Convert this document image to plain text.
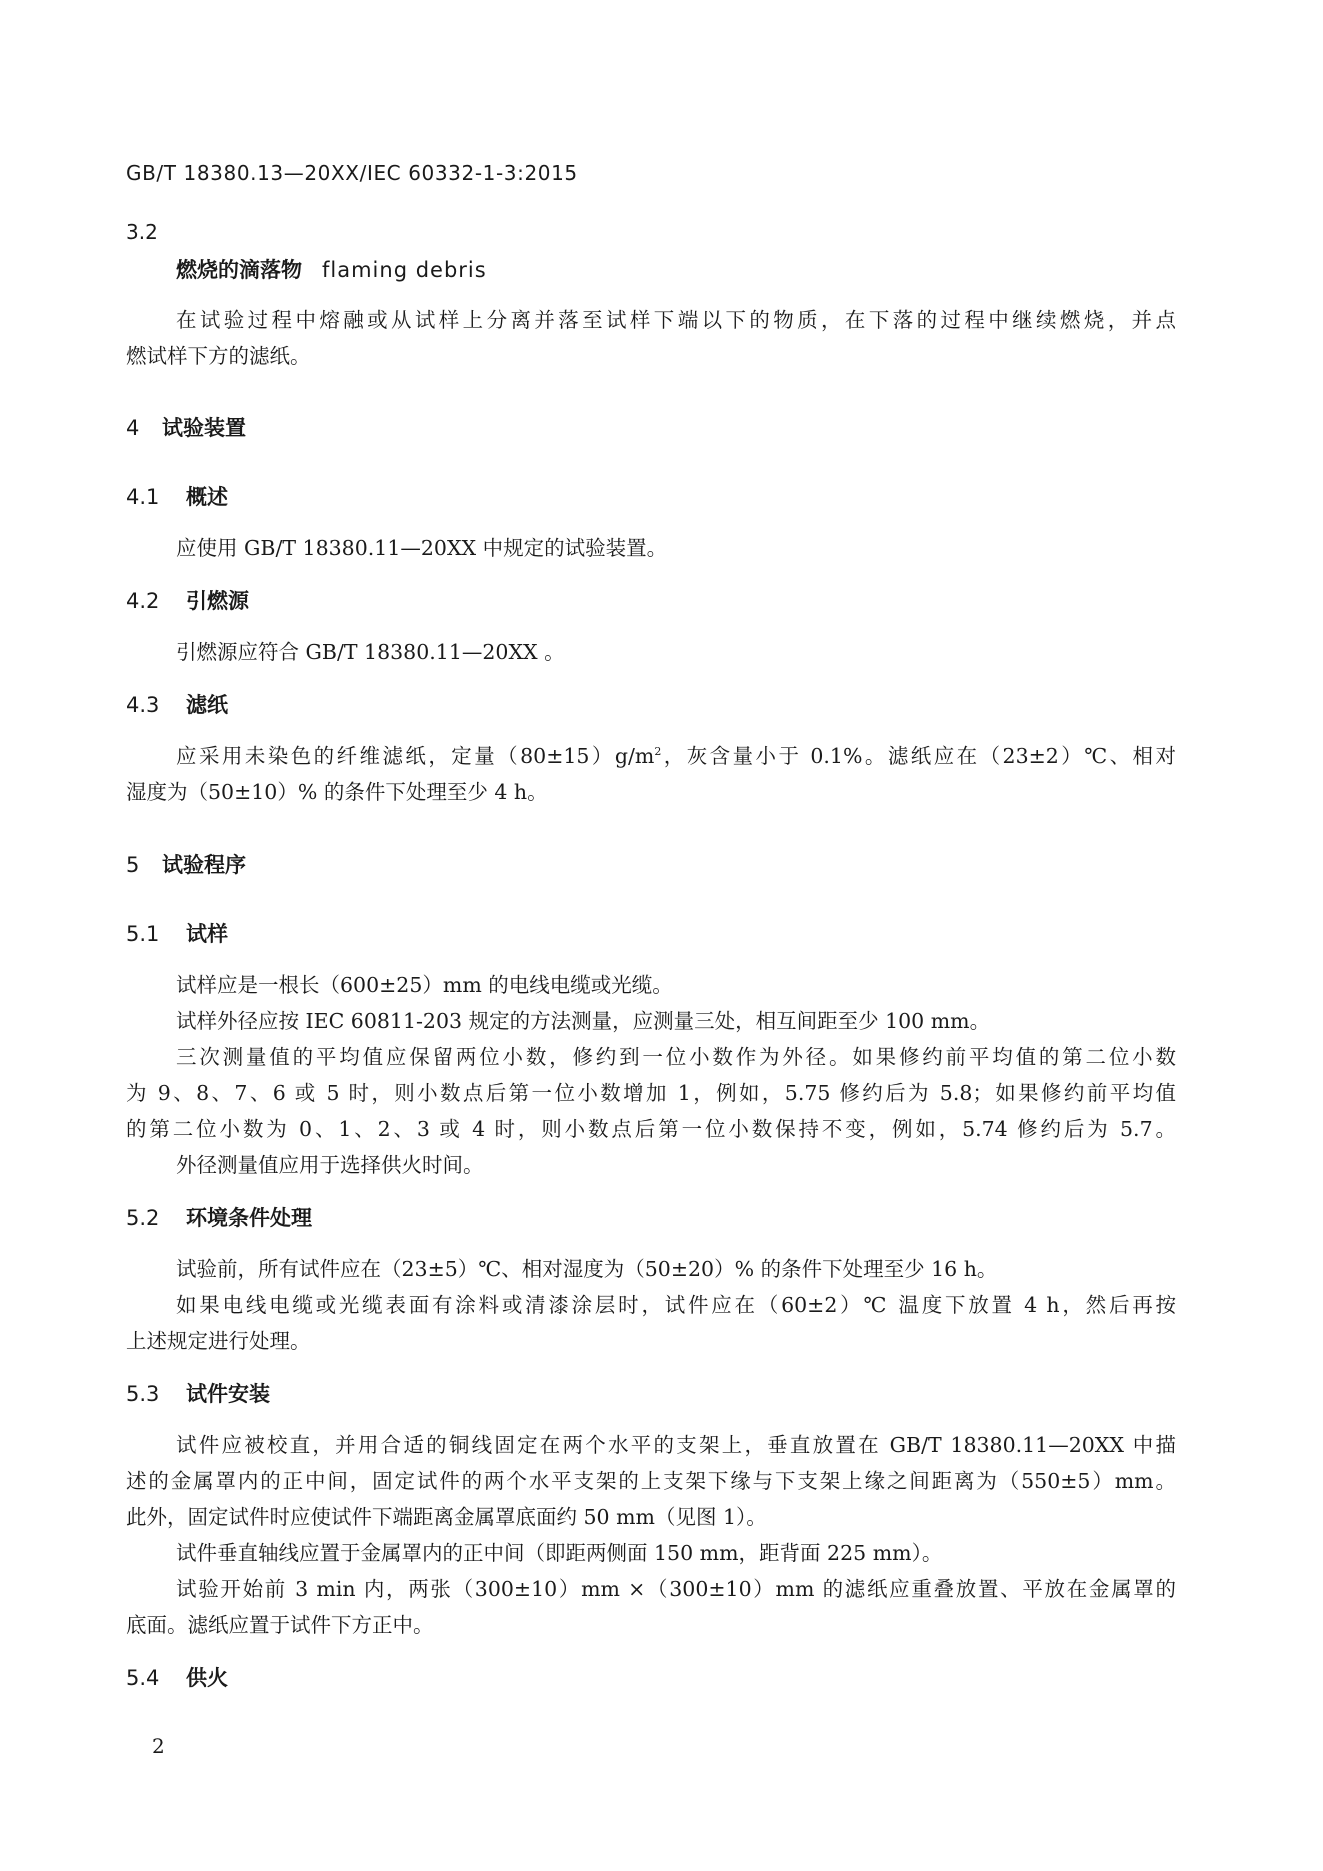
GB/T 18380.13—20XX/IEC 60332-1-3:2015
3.2
燃烧的滴落物 flaming debris
在试验过程中熔融或从试样上分离并落至试样下端以下的物质，在下落的过程中继续燃烧，并点
燃试样下方的滤纸。
4 试验装置
4.1 概述
应使用 GB/T 18380.11—20XX 中规定的试验装置。
4.2 引燃源
引燃源应符合 GB/T 18380.11—20XX 。
4.3 滤纸
应采用未染色的纤维滤纸，定量$(80\pm 15)g/m^2$，灰含量小于 0.1%。滤纸应在（23±2）℃、相对
湿度为（50±10）% 的条件下处理至少 4 h。
5 试验程序
5.1 试样
试样应是一根长（600±25）mm 的电线电缆或光缆。
试样外径应按 IEC 60811-203 规定的方法测量，应测量三处，相互间距至少 100 mm。
三次测量值的平均值应保留两位小数，修约到一位小数作为外径。如果修约前平均值的第二位小数
为 9、8、7、6 或 5 时，则小数点后第一位小数增加 1，例如，5.75 修约后为 5.8；如果修约前平均值
的第二位小数为 0、1、2、3 或 4 时，则小数点后第一位小数保持不变，例如，5.74 修约后为 5.7。
外径测量值应用于选择供火时间。
5.2 环境条件处理
试验前，所有试件应在（23±5）℃、相对湿度为（50±20）% 的条件下处理至少 16 h。
如果电线电缆或光缆表面有涂料或清漆涂层时，试件应在（60±2）℃ 温度下放置 4 h，然后再按
上述规定进行处理。
5.3 试件安装
试件应被校直，并用合适的铜线固定在两个水平的支架上，垂直放置在 GB/T 18380.11—20XX 中描
述的金属罩内的正中间，固定试件的两个水平支架的上支架下缘与下支架上缘之间距离为（550±5）mm。
此外，固定试件时应使试件下端距离金属罩底面约 50 mm（见图 1）。
试件垂直轴线应置于金属罩内的正中间（即距两侧面 150 mm，距背面 225 mm）。
试验开始前 3 min 内，两张（300±10）mm ×（300±10）mm 的滤纸应重叠放置、平放在金属罩的
底面。滤纸应置于试件下方正中。
5.4 供火
2
